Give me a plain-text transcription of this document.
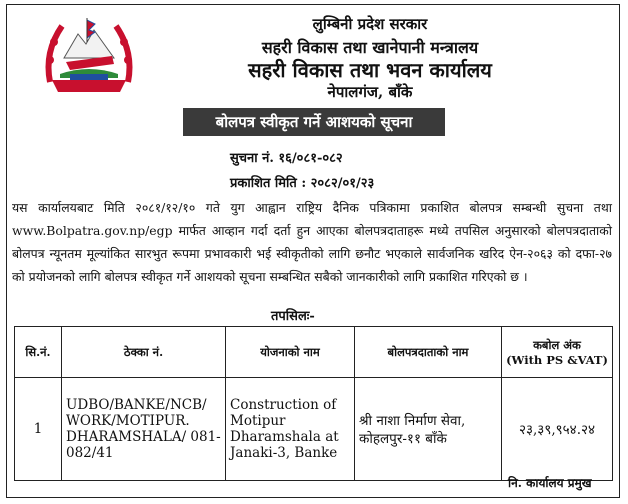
लुम्बिनी प्रदेश सरकार
सहरी विकास तथा खानेपानी मन्त्रालय
सहरी विकास तथा भवन कार्यालय
नेपालगंज, बाँके
बोलपत्र स्वीकृत गर्ने आशयको सूचना
सुचना नं. १६/०८१-०८२
प्रकाशित मिति : २०८२/०१/२३
यस कार्यालयबाट मिति २०८१/१२/१० गते युग आह्वान राष्ट्रिय दैनिक पत्रिकामा प्रकाशित बोलपत्र सम्बन्धी सुचना तथा www.Bolpatra.gov.np/egp मार्फत आव्हान गर्दा दर्ता हुन आएका बोलपत्रदाताहरू मध्ये तपसिल अनुसारको बोलपत्रदाताको बोलपत्र न्यूनतम मूल्यांकित सारभुत रूपमा प्रभावकारी भई स्वीकृतीको लागि छनौट भएकाले सार्वजनिक खरिद ऐन-२०६३ को दफा-२७ को प्रयोजनको लागि बोलपत्र स्वीकृत गर्ने आशयको सूचना सम्बन्धित सबैको जानकारीको लागि प्रकाशित गरिएको छ ।
तपसिलः-
सि.नं.	ठेक्का नं.	योजनाको नाम	बोलपत्रदाताको नाम	कबोल अंक
(With PS &VAT)

1	UDBO/BANKE/NCB/ WORK/MOTIPUR. DHARAMSHALA/ 081-082/41	Construction of Motipur Dharamshala at Janaki-3, Banke	श्री नाशा निर्माण सेवा, कोहलपुर-११ बाँके	२३,३९,९५४.२४
नि. कार्यालय प्रमुख
